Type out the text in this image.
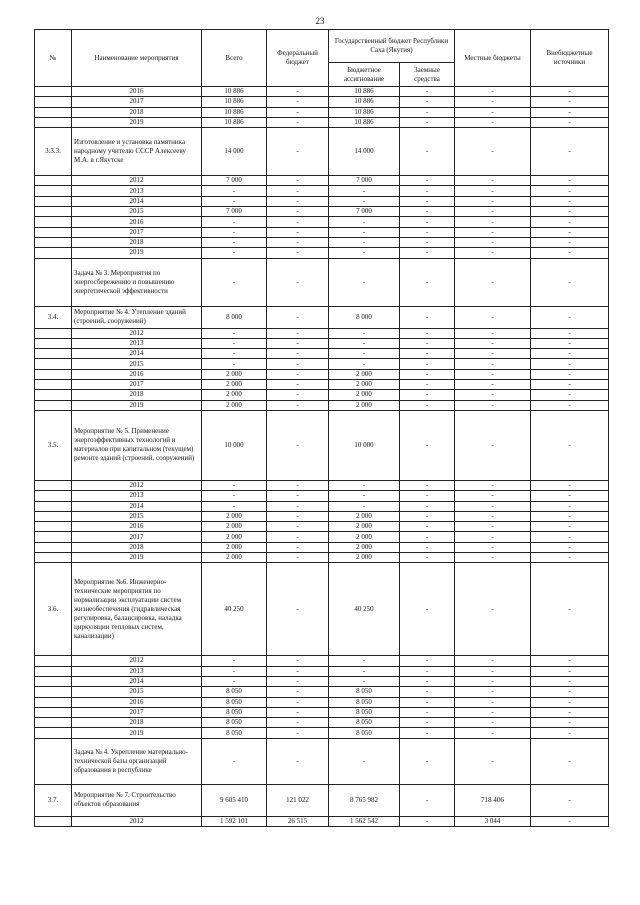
23
№	Наименование мероприятия	Всего	Федеральный бюджет	Государственный бюджет Республики Саха (Якутия)		Местные бюджеты	Внебюджетные источники
				Бюджетное ассигнование	Заемные средства		
	2016	10 886	-	10 886	-	-	-
	2017	10 886	-	10 886	-	-	-
	2018	10 886	-	10 886	-	-	-
	2019	10 886	-	10 886	-	-	-
3.3.3.	Изготовление и установка памятника народному учителю СССР Алексееву М.А. в г.Якутске	14 000	-	14 000	-	-	-
	2012	7 000	-	7 000	-	-	-
	2013	-	-	-	-	-	-
	2014	-	-	-	-	-	-
	2015	7 000	-	7 000	-	-	-
	2016	-	-	-	-	-	-
	2017	-	-	-	-	-	-
	2018	-	-	-	-	-	-
	2019	-	-	-	-	-	-
	Задача № 3. Мероприятия по энергосбережению и повышению энергетической эффективности	-	-	-	-	-	-
3.4.	Мероприятие № 4. Утепление зданий (строений, сооружений)	8 000	-	8 000	-	-	-
	2012	-	-	-	-	-	-
	2013	-	-	-	-	-	-
	2014	-	-	-	-	-	-
	2015	-	-	-	-	-	-
	2016	2 000	-	2 000	-	-	-
	2017	2 000	-	2 000	-	-	-
	2018	2 000	-	2 000	-	-	-
	2019	2 000	-	2 000	-	-	-
3.5.	Мероприятие № 5. Применение энергоэффективных технологий и материалов при капитальном (текущем) ремонте зданий (строений, сооружений)	10 000	-	10 000	-	-	-
	2012	-	-	-	-	-	-
	2013	-	-	-	-	-	-
	2014	-	-	-	-	-	-
	2015	2 000	-	2 000	-	-	-
	2016	2 000	-	2 000	-	-	-
	2017	2 000	-	2 000	-	-	-
	2018	2 000	-	2 000	-	-	-
	2019	2 000	-	2 000	-	-	-
3.6.	Мероприятие №6. Инженерно-технические мероприятия по нормализации эксплуатации систем жизнеобеспечения (гидравлическая регулировка, балансировка, наладка циркуляции тепловых систем, канализации)	40 250	-	40 250	-	-	-
	2012	-	-	-	-	-	-
	2013	-	-	-	-	-	-
	2014	-	-	-	-	-	-
	2015	8 050	-	8 050	-	-	-
	2016	8 050	-	8 050	-	-	-
	2017	8 050	-	8 050	-	-	-
	2018	8 050	-	8 050	-	-	-
	2019	8 050	-	8 050	-	-	-
	Задача № 4. Укрепление материально-технической базы организаций образования в республике	-	-	-	-	-	-
3.7.	Мероприятие № 7. Строительство объектов образования	9 605 410	121 022	8 765 982	-	718 406	-
	2012	1 592 101	26 515	1 562 542	-	3 044	-
